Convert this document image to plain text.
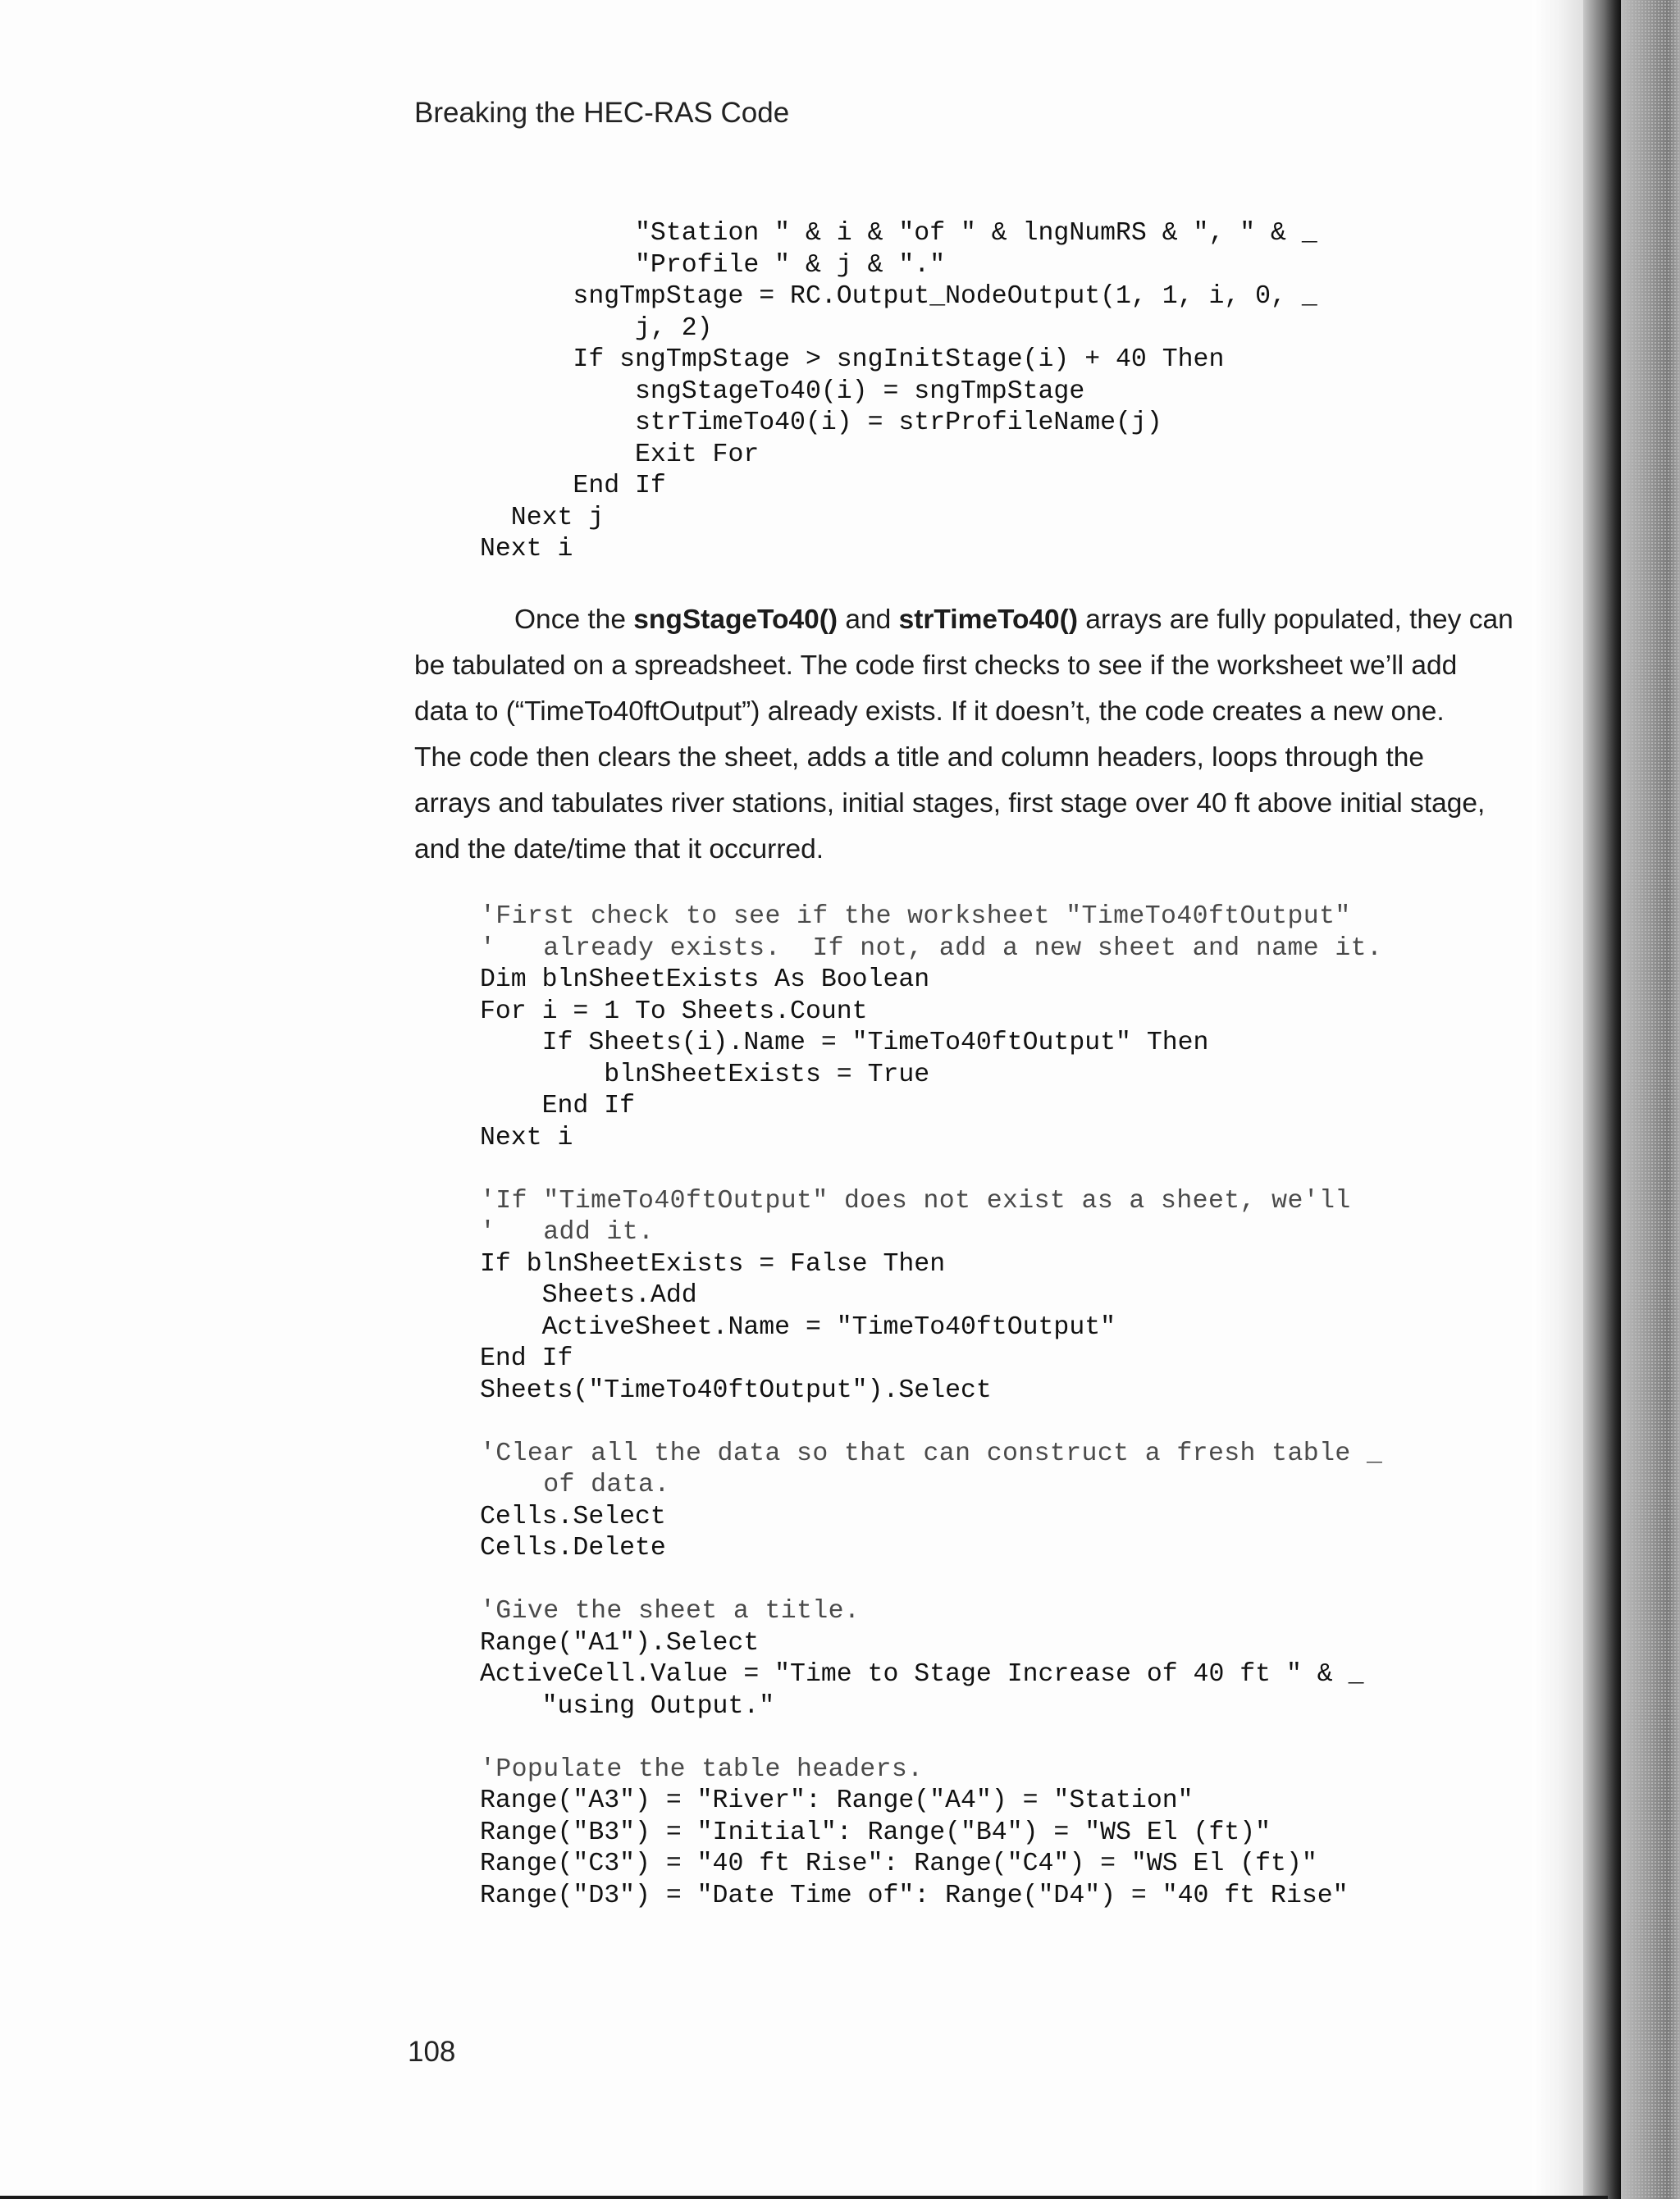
Breaking the HEC-RAS Code
"Station " & i & "of " & lngNumRS & ", " & _
"Profile " & j & "."
sngTmpStage = RC.Output_NodeOutput(1, 1, i, 0, _
j, 2)
If sngTmpStage > sngInitStage(i) + 40 Then
sngStageTo40(i) = sngTmpStage
strTimeTo40(i) = strProfileName(j)
Exit For
End If
Next j
Next i
Once the sngStageTo40() and strTimeTo40() arrays are fully populated, they can
be tabulated on a spreadsheet. The code first checks to see if the worksheet we’ll add
data to (“TimeTo40ftOutput”) already exists. If it doesn’t, the code creates a new one.
The code then clears the sheet, adds a title and column headers, loops through the
arrays and tabulates river stations, initial stages, first stage over 40 ft above initial stage,
and the date/time that it occurred.
'First check to see if the worksheet "TimeTo40ftOutput"
'   already exists.  If not, add a new sheet and name it.
Dim blnSheetExists As Boolean
For i = 1 To Sheets.Count
If Sheets(i).Name = "TimeTo40ftOutput" Then
blnSheetExists = True
End If
Next i
'If "TimeTo40ftOutput" does not exist as a sheet, we'll
'   add it.
If blnSheetExists = False Then
Sheets.Add
ActiveSheet.Name = "TimeTo40ftOutput"
End If
Sheets("TimeTo40ftOutput").Select
'Clear all the data so that can construct a fresh table _
of data.
Cells.Select
Cells.Delete
'Give the sheet a title.
Range("A1").Select
ActiveCell.Value = "Time to Stage Increase of 40 ft " & _
"using Output."
'Populate the table headers.
Range("A3") = "River": Range("A4") = "Station"
Range("B3") = "Initial": Range("B4") = "WS El (ft)"
Range("C3") = "40 ft Rise": Range("C4") = "WS El (ft)"
Range("D3") = "Date Time of": Range("D4") = "40 ft Rise"
108
